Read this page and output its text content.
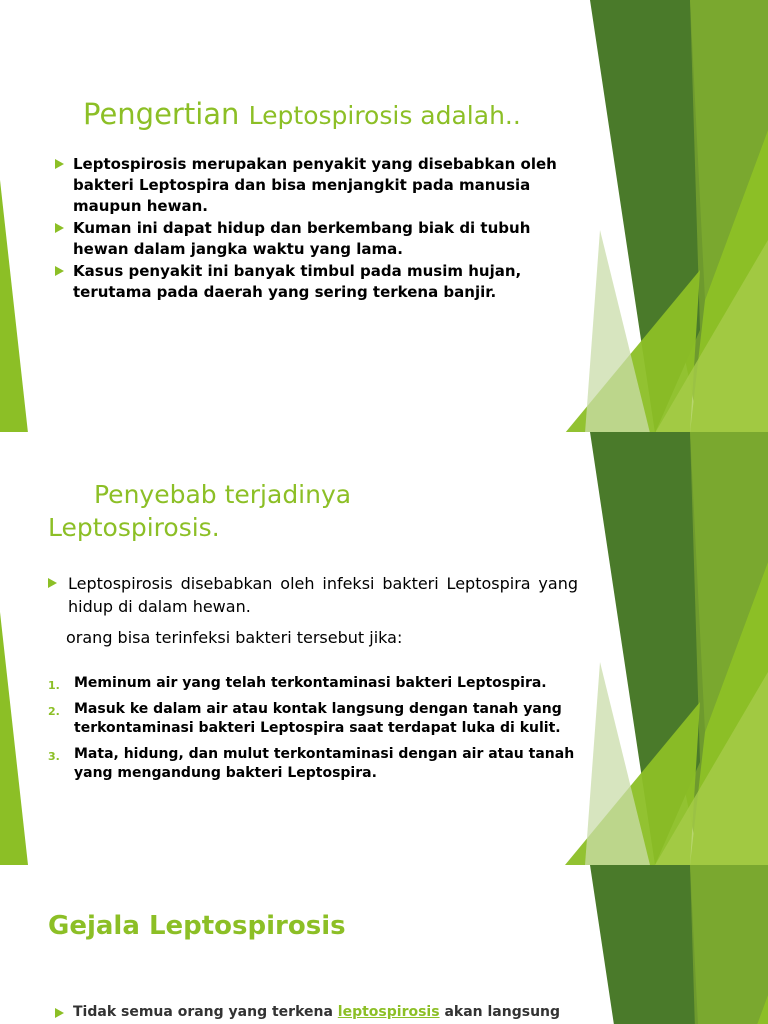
Pengertian Leptospirosis adalah..
Leptospirosis merupakan penyakit yang disebabkan oleh bakteri Leptospira dan bisa menjangkit pada manusia maupun hewan.
Kuman ini dapat hidup dan berkembang biak di tubuh hewan dalam jangka waktu yang lama.
Kasus penyakit ini banyak timbul pada musim hujan, terutama pada daerah yang sering terkena banjir.
Penyebab terjadinya
Leptospirosis.
Leptospirosis disebabkan oleh infeksi bakteri Leptospira yang hidup di dalam hewan.
orang bisa terinfeksi bakteri tersebut jika:
1. Meminum air yang telah terkontaminasi bakteri Leptospira.
2. Masuk ke dalam air atau kontak langsung dengan tanah yang terkontaminasi bakteri Leptospira saat terdapat luka di kulit.
3. Mata, hidung, dan mulut terkontaminasi dengan air atau tanah yang mengandung bakteri Leptospira.
Gejala Leptospirosis
Tidak semua orang yang terkena leptospirosis akan langsung
